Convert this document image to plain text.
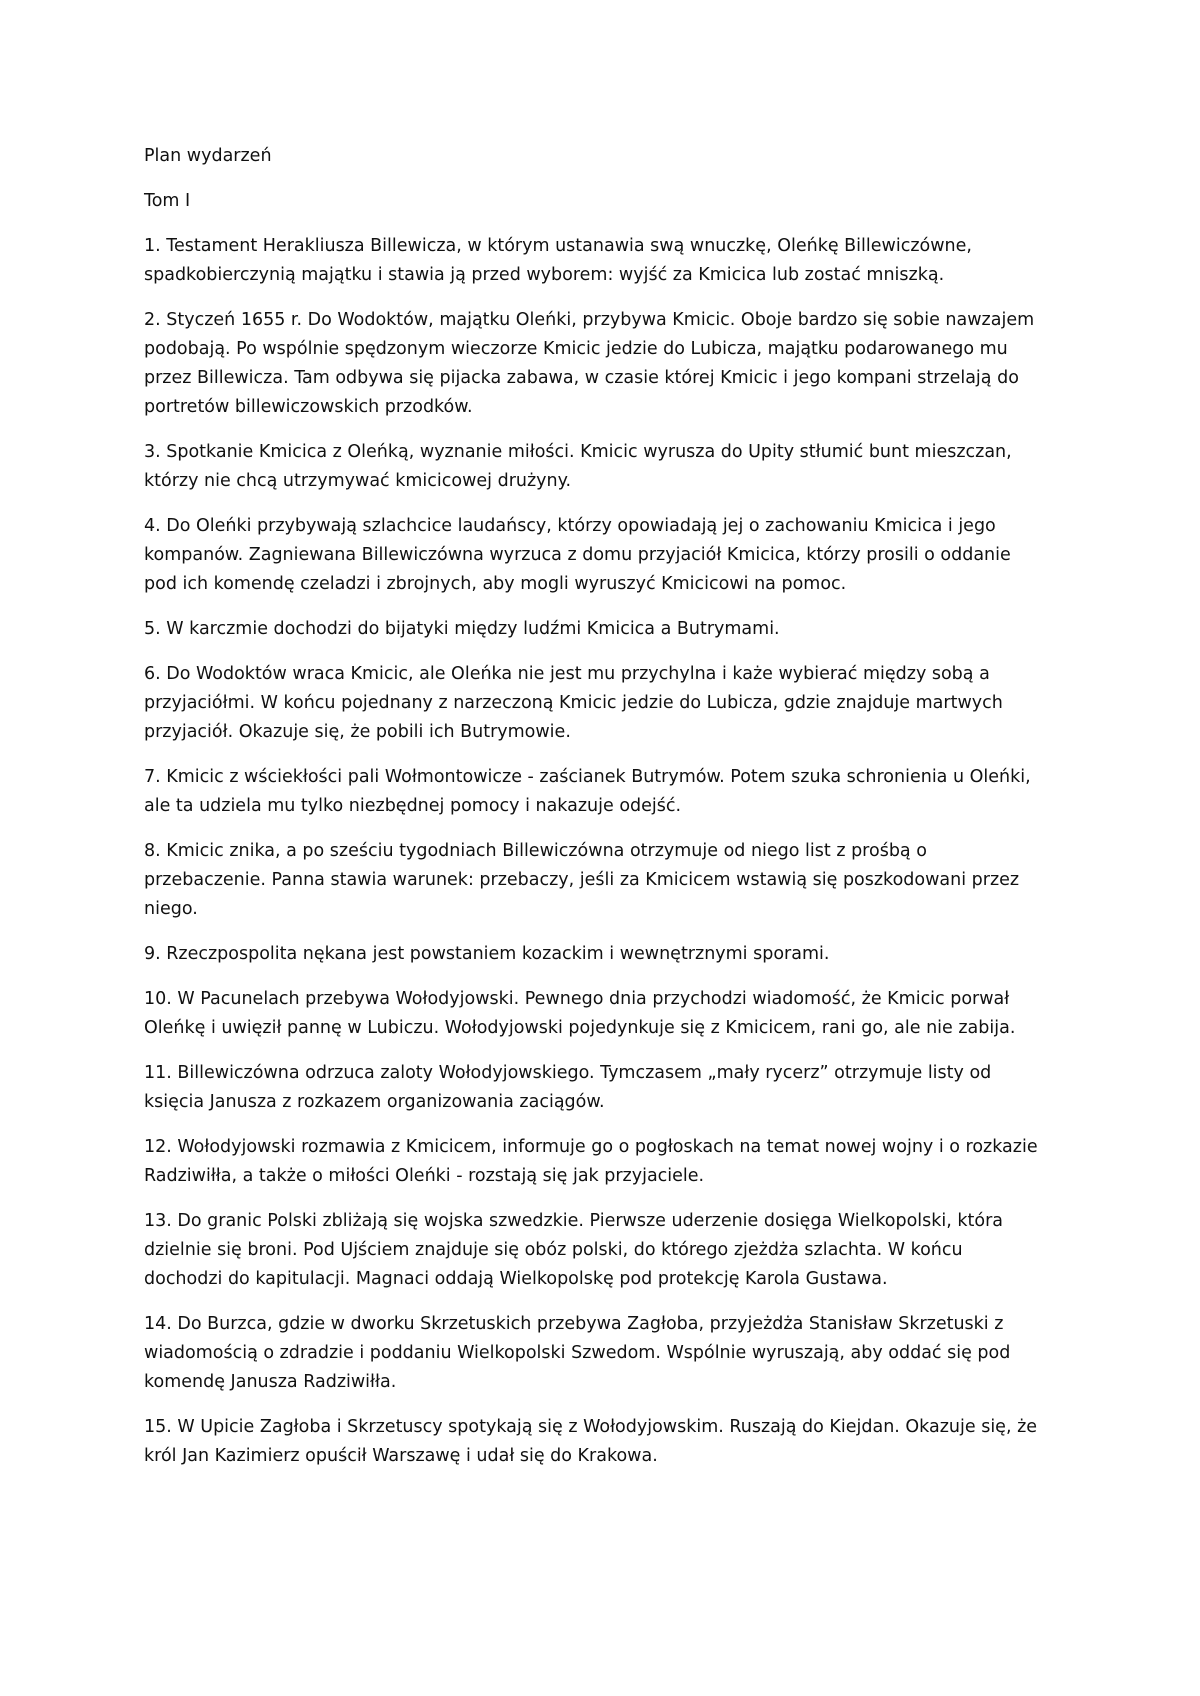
Plan wydarzeń

Tom I

1. Testament Herakliusza Billewicza, w którym ustanawia swą wnuczkę, Oleńkę Billewiczówne, spadkobierczynią majątku i stawia ją przed wyborem: wyjść za Kmicica lub zostać mniszką.

2. Styczeń 1655 r. Do Wodoktów, majątku Oleńki, przybywa Kmicic. Oboje bardzo się sobie nawzajem podobają. Po wspólnie spędzonym wieczorze Kmicic jedzie do Lubicza, majątku podarowanego mu przez Billewicza. Tam odbywa się pijacka zabawa, w czasie której Kmicic i jego kompani strzelają do portretów billewiczowskich przodków.

3. Spotkanie Kmicica z Oleńką, wyznanie miłości. Kmicic wyrusza do Upity stłumić bunt mieszczan, którzy nie chcą utrzymywać kmicicowej drużyny.

4. Do Oleńki przybywają szlachcice laudańscy, którzy opowiadają jej o zachowaniu Kmicica i jego kompanów. Zagniewana Billewiczówna wyrzuca z domu przyjaciół Kmicica, którzy prosili o oddanie pod ich komendę czeladzi i zbrojnych, aby mogli wyruszyć Kmicicowi na pomoc.

5. W karczmie dochodzi do bijatyki między ludźmi Kmicica a Butrymami.

6. Do Wodoktów wraca Kmicic, ale Oleńka nie jest mu przychylna i każe wybierać między sobą a przyjaciółmi. W końcu pojednany z narzeczoną Kmicic jedzie do Lubicza, gdzie znajduje martwych przyjaciół. Okazuje się, że pobili ich Butrymowie.

7. Kmicic z wściekłości pali Wołmontowicze - zaścianek Butrymów. Potem szuka schronienia u Oleńki, ale ta udziela mu tylko niezbędnej pomocy i nakazuje odejść.

8. Kmicic znika, a po sześciu tygodniach Billewiczówna otrzymuje od niego list z prośbą o przebaczenie. Panna stawia warunek: przebaczy, jeśli za Kmicicem wstawią się poszkodowani przez niego.

9. Rzeczpospolita nękana jest powstaniem kozackim i wewnętrznymi sporami.

10. W Pacunelach przebywa Wołodyjowski. Pewnego dnia przychodzi wiadomość, że Kmicic porwał Oleńkę i uwięził pannę w Lubiczu. Wołodyjowski pojedynkuje się z Kmicicem, rani go, ale nie zabija.

11. Billewiczówna odrzuca zaloty Wołodyjowskiego. Tymczasem „mały rycerz” otrzymuje listy od księcia Janusza z rozkazem organizowania zaciągów.

12. Wołodyjowski rozmawia z Kmicicem, informuje go o pogłoskach na temat nowej wojny i o rozkazie Radziwiłła, a także o miłości Oleńki - rozstają się jak przyjaciele.

13. Do granic Polski zbliżają się wojska szwedzkie. Pierwsze uderzenie dosięga Wielkopolski, która dzielnie się broni. Pod Ujściem znajduje się obóz polski, do którego zjeżdża szlachta. W końcu dochodzi do kapitulacji. Magnaci oddają Wielkopolskę pod protekcję Karola Gustawa.

14. Do Burzca, gdzie w dworku Skrzetuskich przebywa Zagłoba, przyjeżdża Stanisław Skrzetuski z wiadomością o zdradzie i poddaniu Wielkopolski Szwedom. Wspólnie wyruszają, aby oddać się pod komendę Janusza Radziwiłła.

15. W Upicie Zagłoba i Skrzetuscy spotykają się z Wołodyjowskim. Ruszają do Kiejdan. Okazuje się, że król Jan Kazimierz opuścił Warszawę i udał się do Krakowa.
